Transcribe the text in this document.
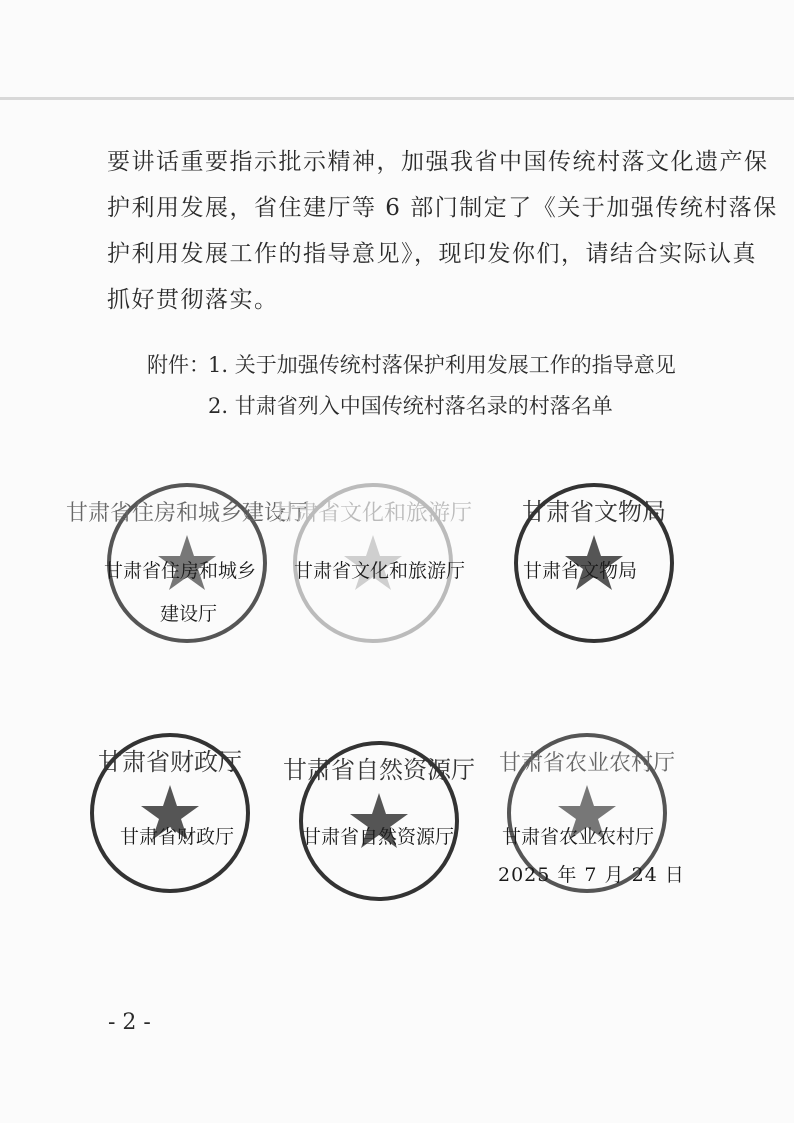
要讲话重要指示批示精神，加强我省中国传统村落文化遗产保
护利用发展，省住建厅等 6 部门制定了《关于加强传统村落保
护利用发展工作的指导意见》，现印发你们，请结合实际认真
抓好贯彻落实。
附件：
1. 关于加强传统村落保护利用发展工作的指导意见
2. 甘肃省列入中国传统村落名录的村落名单
甘肃省住房和城乡建设厅
甘肃省文化和旅游厅 甘肃省文物局
甘肃省住房和城乡
建设厅
甘肃省文化和旅游厅	甘肃省文物局
甘肃省财政厅 甘肃省自然资源厅 甘肃省农业农村厅
甘肃省财政厅	甘肃省自然资源厅	甘肃省农业农村厅
2025 年 7 月 24 日
- 2 -
